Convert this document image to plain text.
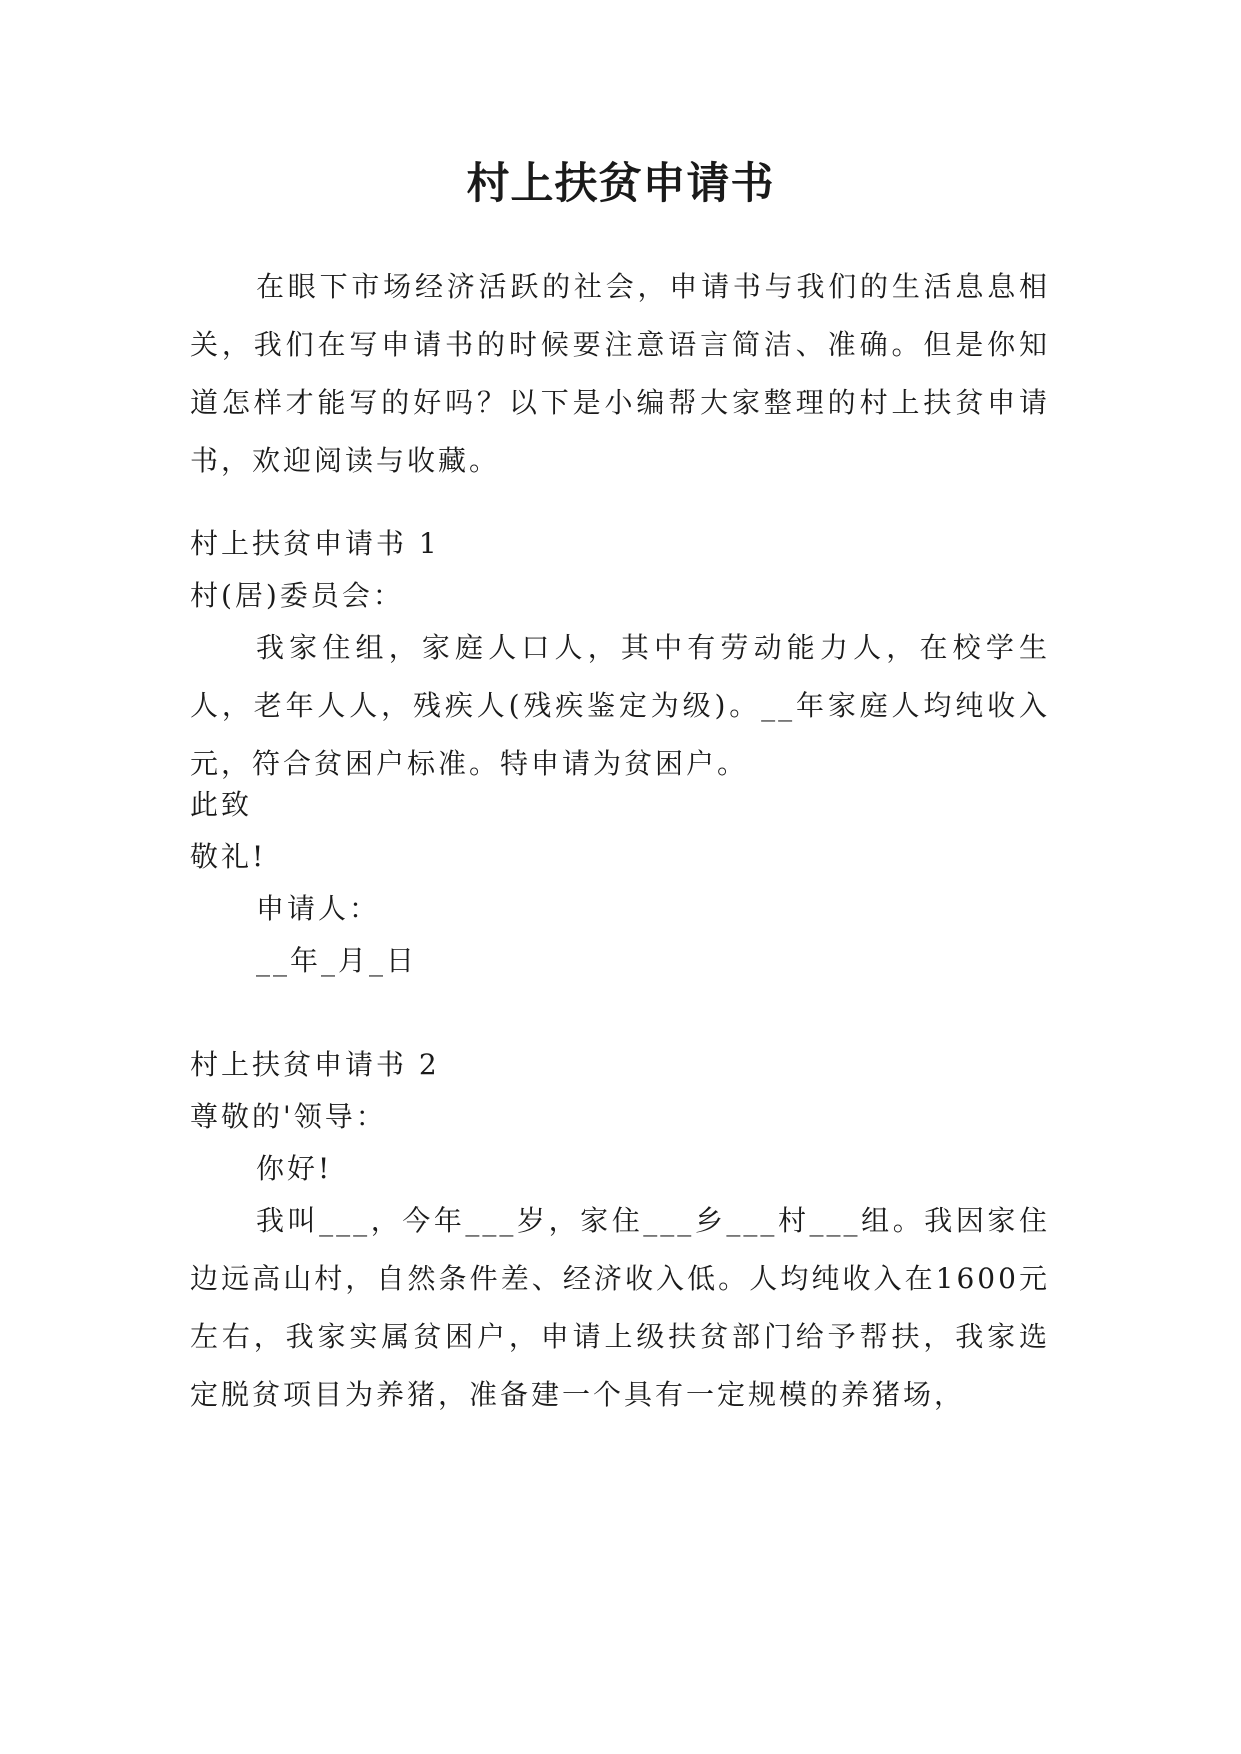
村上扶贫申请书
在眼下市场经济活跃的社会，申请书与我们的生活息息相关，我们在写申请书的时候要注意语言简洁、准确。但是你知道怎样才能写的好吗？以下是小编帮大家整理的村上扶贫申请书，欢迎阅读与收藏。
村上扶贫申请书 1
村(居)委员会：
我家住组，家庭人口人，其中有劳动能力人，在校学生人，老年人人，残疾人(残疾鉴定为级)。__年家庭人均纯收入元，符合贫困户标准。特申请为贫困户。
此致
敬礼!
申请人：
__年_月_日
村上扶贫申请书 2
尊敬的'领导：
你好!
我叫___，今年___岁，家住___乡___村___组。我因家住边远高山村，自然条件差、经济收入低。人均纯收入在1600元左右，我家实属贫困户，申请上级扶贫部门给予帮扶，我家选定脱贫项目为养猪，准备建一个具有一定规模的养猪场，
